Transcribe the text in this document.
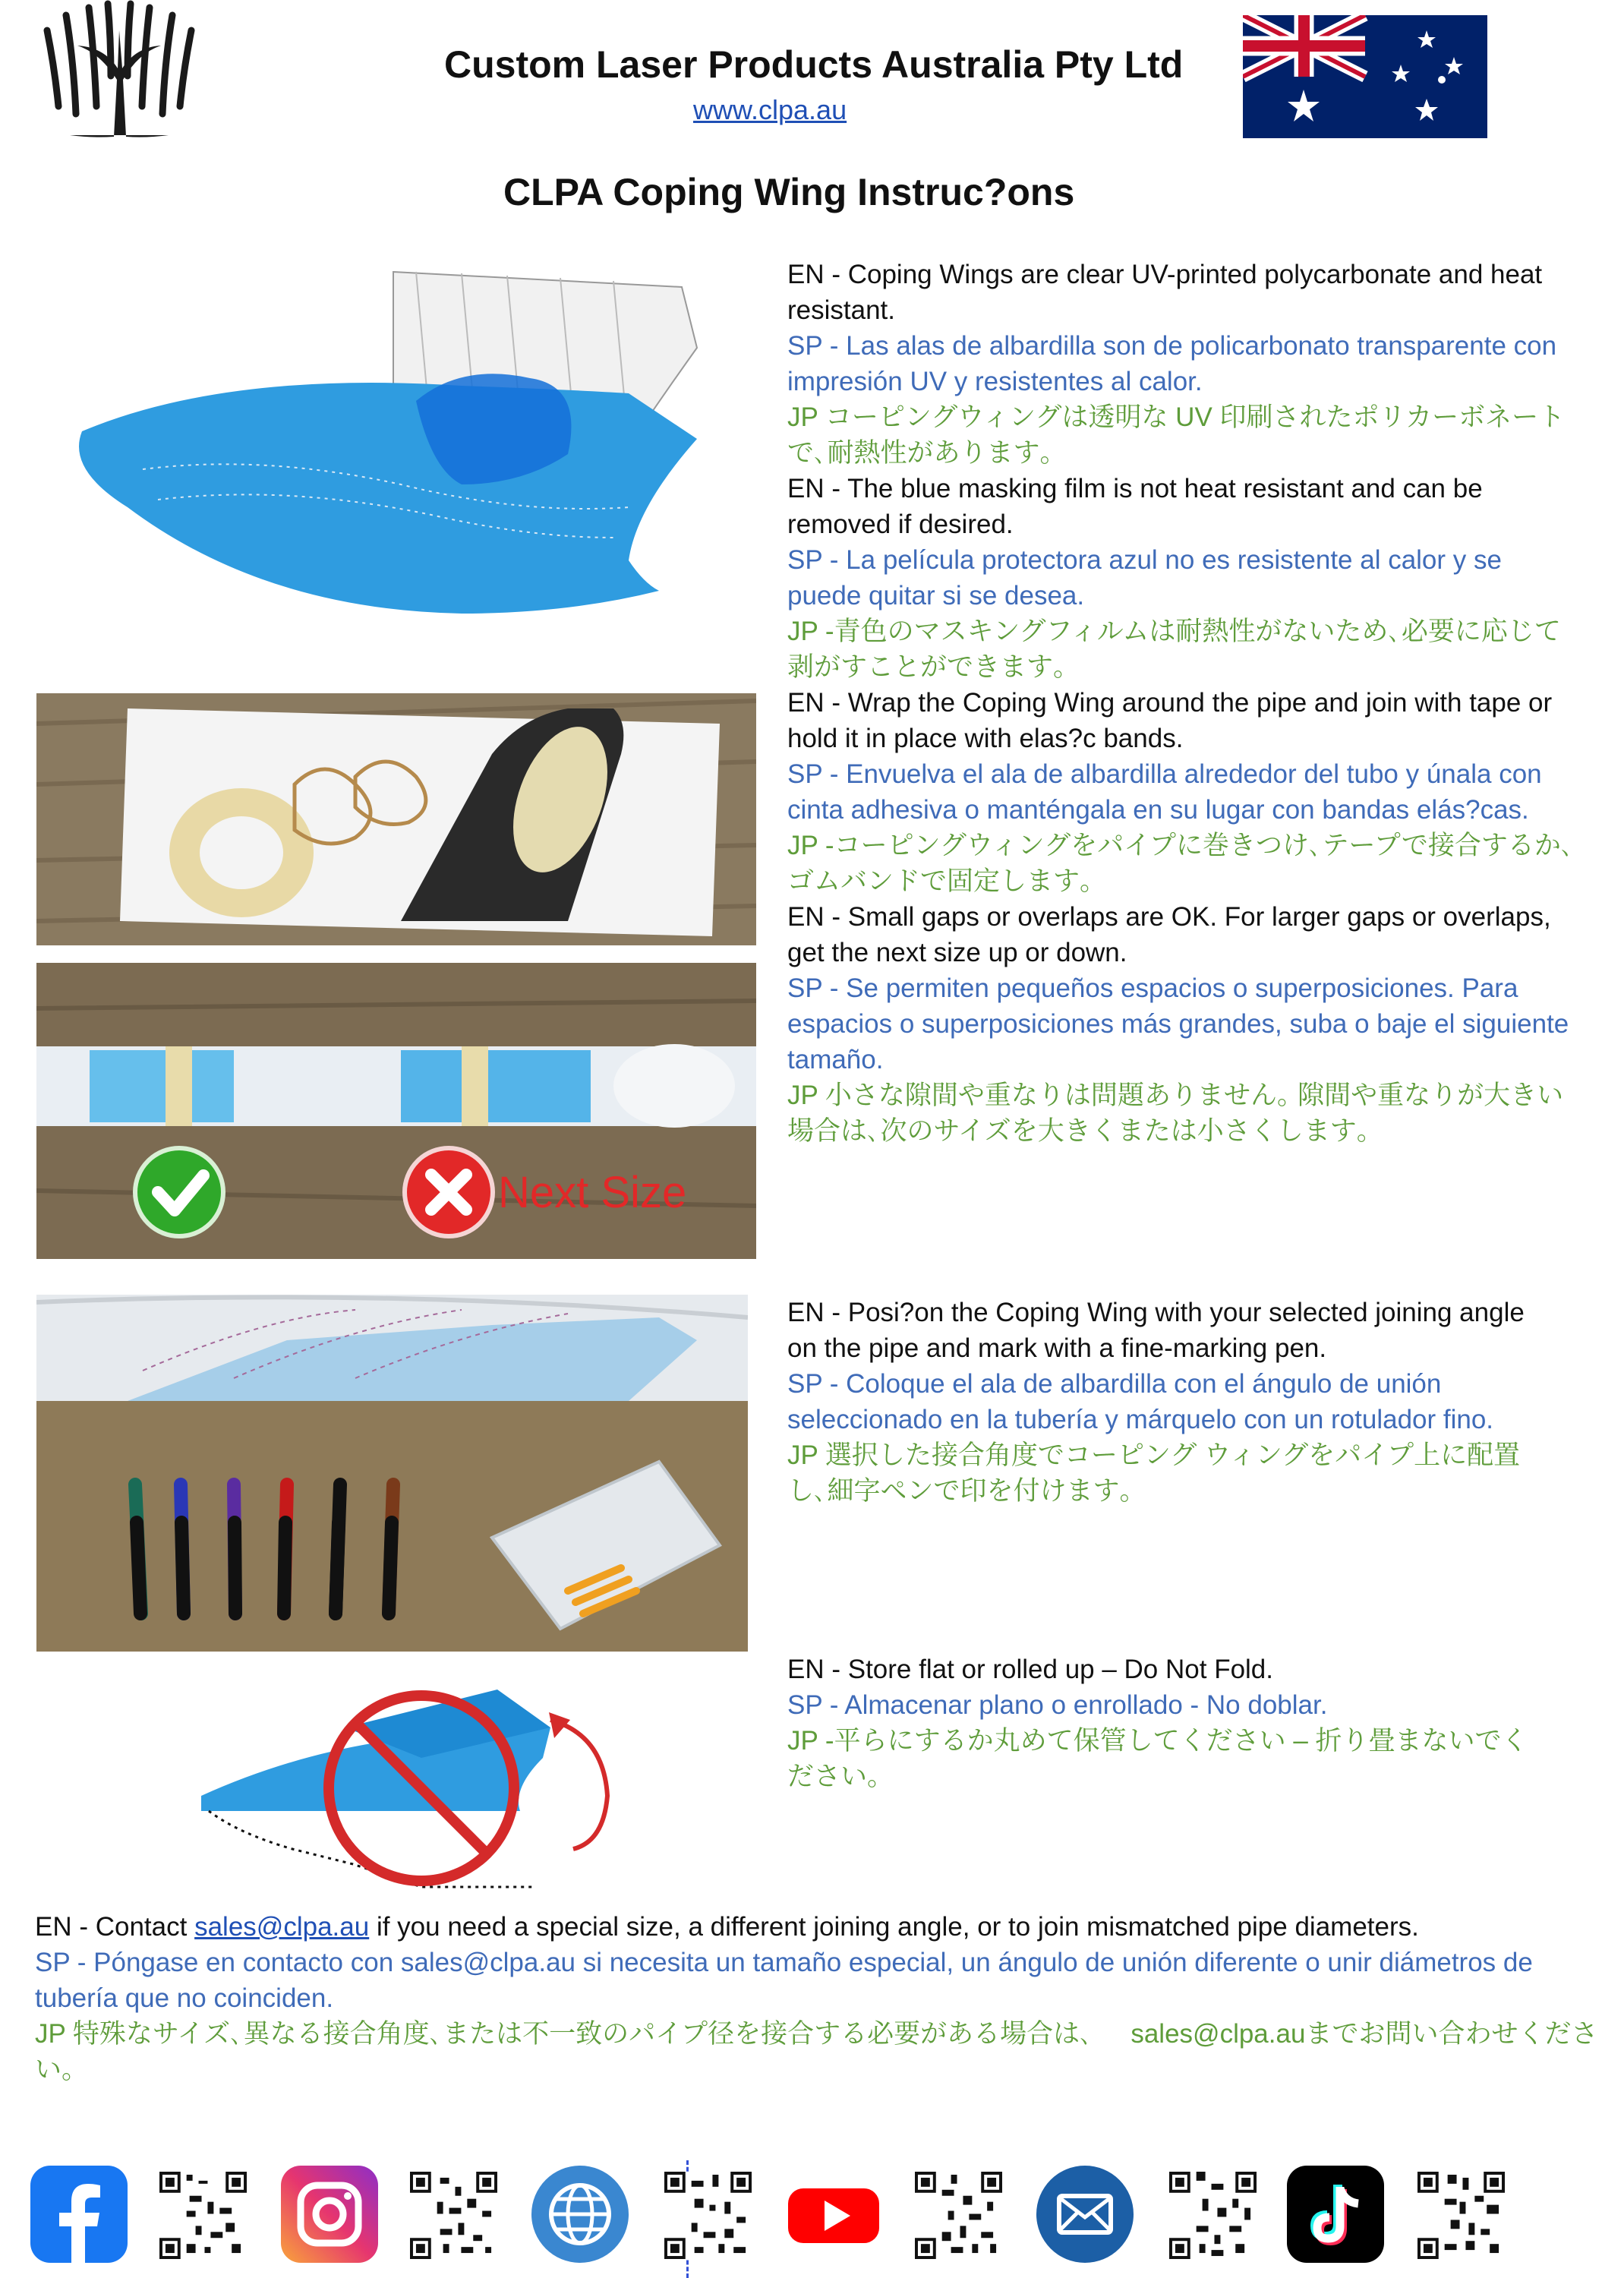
Custom Laser Products Australia Pty Ltd
www.clpa.au
CLPA Coping Wing Instruc?ons
Next Size

EN - Coping Wings are clear UV-printed polycarbonate and heat resistant.

SP - Las alas de albardilla son de policarbonato transparente con impresión UV y resistentes al calor.

JP コーピングウィングは透明な UV 印刷されたポリカーボネートで､耐熱性があります｡

EN - The blue masking film is not heat resistant and can be removed if desired.

SP - La película protectora azul no es resistente al calor y se puede quitar si se desea.

JP -青色のマスキングフィルムは耐熱性がないため､必要に応じて剥がすことができます｡

EN - Wrap the Coping Wing around the pipe and join with tape or hold it in place with elas?c bands.

SP - Envuelva el ala de albardilla alrededor del tubo y únala con cinta adhesiva o manténgala en su lugar con bandas elás?cas.

JP -コーピングウィングをパイプに巻きつけ､テープで接合するか､ゴムバンドで固定します｡

EN - Small gaps or overlaps are OK. For larger gaps or overlaps, get the next size up or down.

SP - Se permiten pequeños espacios o superposiciones. Para espacios o superposiciones más grandes, suba o baje el siguiente tamaño.

JP 小さな隙間や重なりは問題ありません｡ 隙間や重なりが大きい場合は､次のサイズを大きくまたは小さくします｡

EN - Posi?on the Coping Wing with your selected joining angle on the pipe and mark with a fine-marking pen.

SP - Coloque el ala de albardilla con el ángulo de unión seleccionado en la tubería y márquelo con un rotulador fino.

JP 選択した接合角度でコーピング ウィングをパイプ上に配置し､細字ペンで印を付けます｡

EN - Store flat or rolled up – Do Not Fold.

SP - Almacenar plano o enrollado - No doblar.

JP -平らにするか丸めて保管してください – 折り畳まないでください｡

EN - Contact sales@clpa.au if you need a special size, a different joining angle, or to join mismatched pipe diameters.

SP - Póngase en contacto con sales@clpa.au si necesita un tamaño especial, un ángulo de unión diferente o unir diámetros de tubería que no coinciden.

JP 特殊なサイズ､異なる接合角度､または不一致のパイプ径を接合する必要がある場合は､ sales@clpa.auまでお問い合わせください｡
